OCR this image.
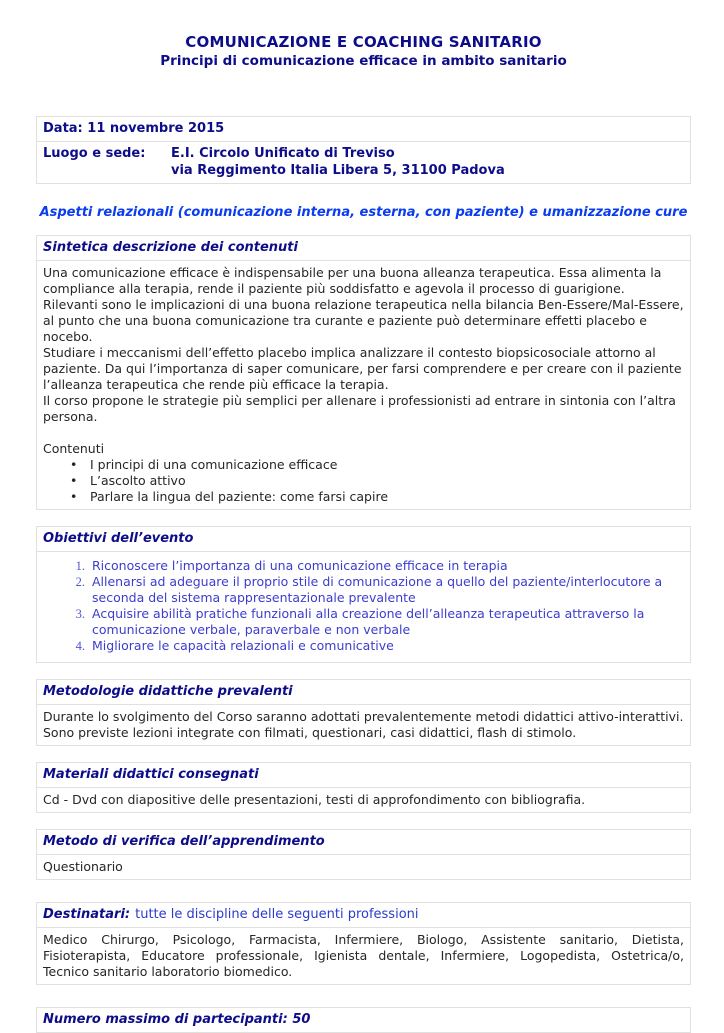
COMUNICAZIONE E COACHING SANITARIO
Principi di comunicazione efficace in ambito sanitario
Data: 11 novembre 2015
Luogo e sede:	E.I. Circolo Unificato di Treviso
via Reggimento Italia Libera 5, 31100 Padova
Aspetti relazionali (comunicazione interna, esterna, con paziente) e umanizzazione cure
Sintetica descrizione dei contenuti

Una comunicazione efficace è indispensabile per una buona alleanza terapeutica. Essa alimenta la compliance alla terapia, rende il paziente più soddisfatto e agevola il processo di guarigione.

Rilevanti sono le implicazioni di una buona relazione terapeutica nella bilancia Ben-Essere/Mal-Essere, al punto che una buona comunicazione tra curante e paziente può determinare effetti placebo e nocebo.

Studiare i meccanismi dell’effetto placebo implica analizzare il contesto biopsicosociale attorno al paziente. Da qui l’importanza di saper comunicare, per farsi comprendere e per creare con il paziente l’alleanza terapeutica che rende più efficace la terapia.

Il corso propone le strategie più semplici per allenare i professionisti ad entrare in sintonia con l’altra persona.

Contenuti

•	I principi di una comunicazione efficace
•	L’ascolto attivo
•	Parlare la lingua del paziente: come farsi capire
Obiettivi dell’evento
1. Riconoscere l’importanza di una comunicazione efficace in terapia
2. Allenarsi ad adeguare il proprio stile di comunicazione a quello del paziente/interlocutore a seconda del sistema rappresentazionale prevalente
3. Acquisire abilità pratiche funzionali alla creazione dell’alleanza terapeutica attraverso la comunicazione verbale, paraverbale e non verbale
4. Migliorare le capacità relazionali e comunicative
Metodologie didattiche prevalenti

Durante lo svolgimento del Corso saranno adottati prevalentemente metodi didattici attivo-interattivi. Sono previste lezioni integrate con filmati, questionari, casi didattici, flash di stimolo.

Materiali didattici consegnati

Cd - Dvd con diapositive delle presentazioni, testi di approfondimento con bibliografia.

Metodo di verifica dell’apprendimento

Questionario

Destinatari: tutte le discipline delle seguenti professioni

Medico Chirurgo, Psicologo, Farmacista, Infermiere, Biologo, Assistente sanitario, Dietista, Fisioterapista, Educatore professionale, Igienista dentale, Infermiere, Logopedista, Ostetrica/o, Tecnico sanitario laboratorio biomedico.

Numero massimo di partecipanti: 50
